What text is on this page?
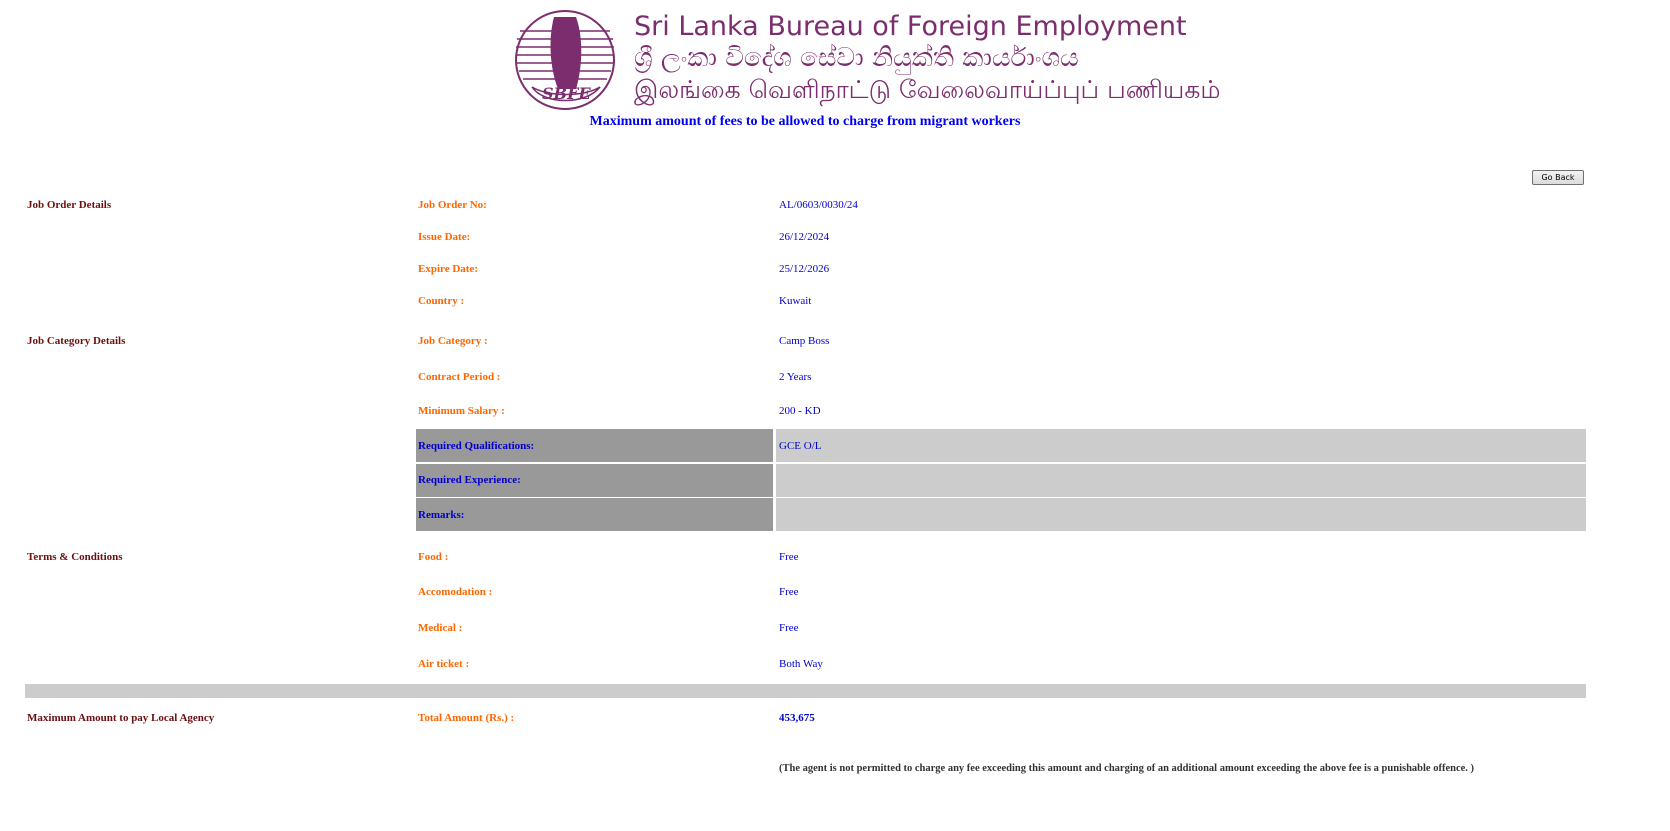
SBFE
Sri Lanka Bureau of Foreign Employment
ශ්‍රී ලංකා විදේශ සේවා නියුක්ති කාර්යාංශය
இலங்கை வெளிநாட்டு வேலைவாய்ப்புப் பணியகம்
Maximum amount of fees to be allowed to charge from migrant workers
Go Back
Job Order Details	Job Order No:	AL/0603/0030/24
Issue Date:	26/12/2024
Expire Date:	25/12/2026
Country :	Kuwait
Job Category Details	Job Category :	Camp Boss
Contract Period :	2 Years
Minimum Salary :	200 - KD
Required Qualifications:	GCE O/L
Required Experience:
Remarks:
Terms & Conditions	Food :	Free
Accomodation :	Free
Medical :	Free
Air ticket :	Both Way
Maximum Amount to pay Local Agency	Total Amount (Rs.) :	453,675
(The agent is not permitted to charge any fee exceeding this amount and charging of an additional amount exceeding the above fee is a punishable offence. )
